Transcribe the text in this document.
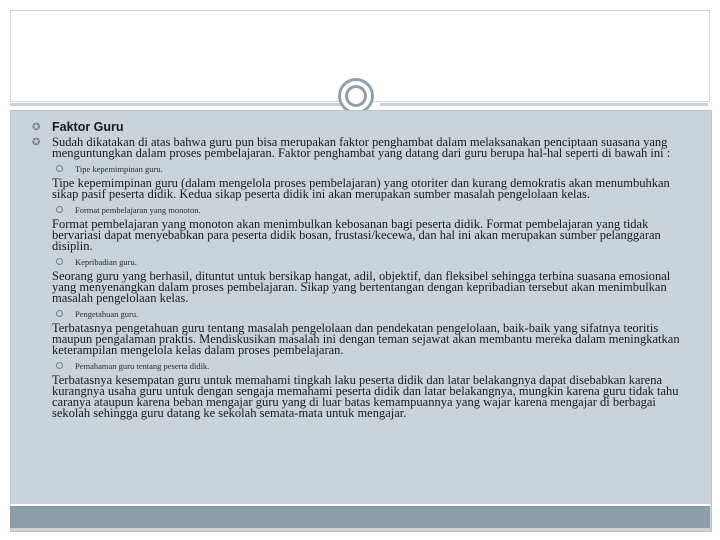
✪ Faktor Guru
✪ Sudah dikatakan di atas bahwa guru pun bisa merupakan faktor penghambat dalam melaksanakan penciptaan suasana yang menguntungkan dalam proses pembelajaran. Faktor penghambat yang datang dari guru berupa hal-hal seperti di bawah ini :
Tipe kepemimpinan guru.
Tipe kepemimpinan guru (dalam mengelola proses pembelajaran) yang otoriter dan kurang demokratis akan menumbuhkan sikap pasif peserta didik. Kedua sikap peserta didik ini akan merupakan sumber masalah pengelolaan kelas.
Format pembelajaran yang monoton.
Format pembelajaran yang monoton akan menimbulkan kebosanan bagi peserta didik. Format pembelajaran yang tidak bervariasi dapat menyebabkan para peserta didik bosan, frustasi/kecewa, dan hal ini akan merupakan sumber pelanggaran disiplin.
Kepribadian guru.
Seorang guru yang berhasil, dituntut untuk bersikap hangat, adil, objektif, dan fleksibel sehingga terbina suasana emosional yang menyenangkan dalam proses pembelajaran. Sikap yang bertentangan dengan kepribadian tersebut akan menimbulkan masalah pengelolaan kelas.
Pengetahuan guru.
Terbatasnya pengetahuan guru tentang masalah pengelolaan dan pendekatan pengelolaan, baik-baik yang sifatnya teoritis maupun pengalaman praktis. Mendiskusikan masalah ini dengan teman sejawat akan membantu mereka dalam meningkatkan keterampilan mengelola kelas dalam proses pembelajaran.
Pemahaman guru tentang peserta didik.
Terbatasnya kesempatan guru untuk memahami tingkah laku peserta didik dan latar belakangnya dapat disebabkan karena kurangnya usaha guru untuk dengan sengaja memahami peserta didik dan latar belakangnya, mungkin karena guru tidak tahu caranya ataupun karena beban mengajar guru yang di luar batas kemampuannya yang wajar karena mengajar di berbagai sekolah sehingga guru datang ke sekolah semata-mata untuk mengajar.
